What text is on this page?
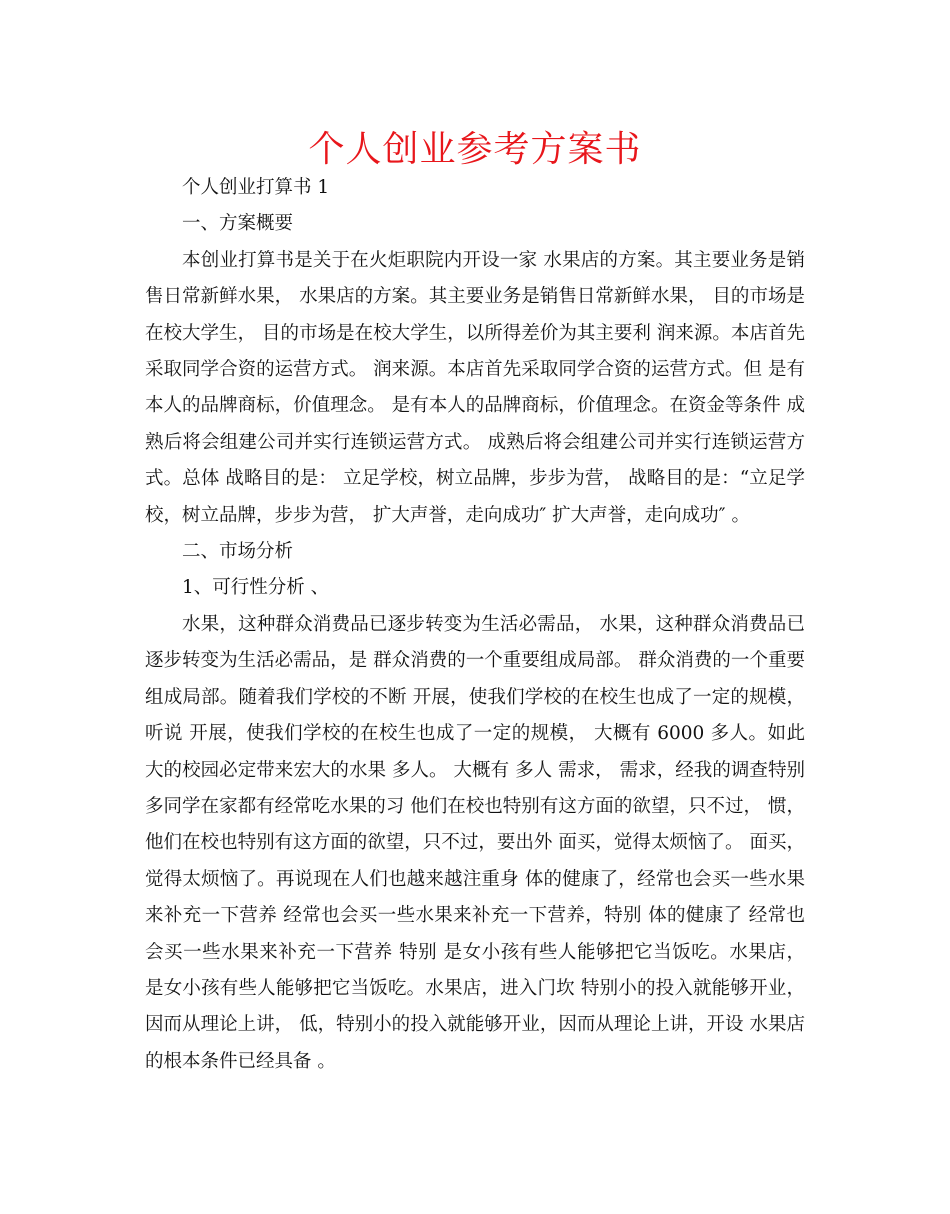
个人创业参考方案书

个人创业打算书 1

一、方案概要

本创业打算书是关于在火炬职院内开设一家 水果店的方案。其主要业务是销售日常新鲜水果， 水果店的方案。其主要业务是销售日常新鲜水果， 目的市场是在校大学生， 目的市场是在校大学生，以所得差价为其主要利 润来源。本店首先采取同学合资的运营方式。 润来源。本店首先采取同学合资的运营方式。但 是有本人的品牌商标，价值理念。 是有本人的品牌商标，价值理念。在资金等条件 成熟后将会组建公司并实行连锁运营方式。 成熟后将会组建公司并实行连锁运营方式。总体 战略目的是： 立足学校，树立品牌，步步为营， 战略目的是：“立足学校，树立品牌，步步为营， 扩大声誉，走向成功″ 扩大声誉，走向成功″ 。

二、市场分析

1、可行性分析 、

水果，这种群众消费品已逐步转变为生活必需品， 水果，这种群众消费品已逐步转变为生活必需品，是 群众消费的一个重要组成局部。 群众消费的一个重要组成局部。随着我们学校的不断 开展，使我们学校的在校生也成了一定的规模，听说 开展，使我们学校的在校生也成了一定的规模， 大概有 6000 多人。如此大的校园必定带来宏大的水果 多人。 大概有 多人 需求， 需求，经我的调查特别多同学在家都有经常吃水果的习 他们在校也特别有这方面的欲望，只不过， 惯，他们在校也特别有这方面的欲望，只不过，要出外 面买，觉得太烦恼了。 面买，觉得太烦恼了。再说现在人们也越来越注重身 体的健康了，经常也会买一些水果来补充一下营养 经常也会买一些水果来补充一下营养，特别 体的健康了 经常也会买一些水果来补充一下营养 特别 是女小孩有些人能够把它当饭吃。水果店， 是女小孩有些人能够把它当饭吃。水果店，进入门坎 特别小的投入就能够开业，因而从理论上讲， 低，特别小的投入就能够开业，因而从理论上讲，开设 水果店的根本条件已经具备 。
